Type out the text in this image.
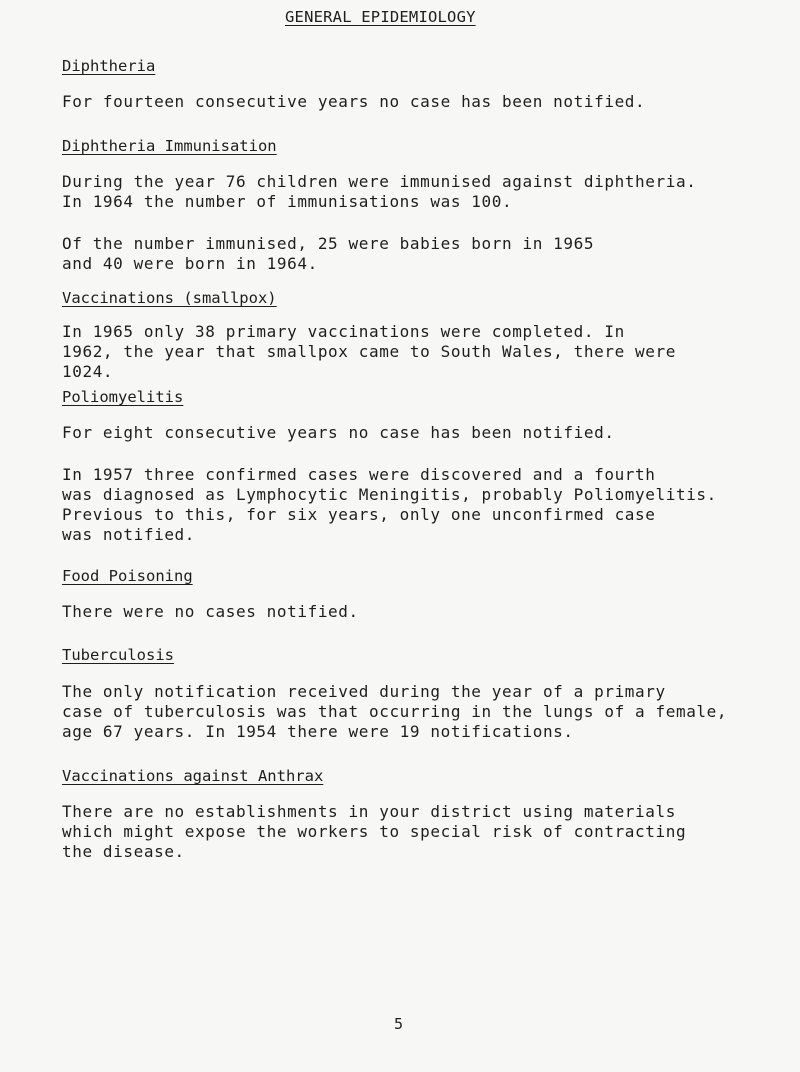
GENERAL EPIDEMIOLOGY
Diphtheria
For fourteen consecutive years no case has been notified.
Diphtheria Immunisation
During the year 76 children were immunised against diphtheria.
In 1964 the number of immunisations was 100.
Of the number immunised, 25 were babies born in 1965
and 40 were born in 1964.
Vaccinations (smallpox)
In 1965 only 38 primary vaccinations were completed. In
1962, the year that smallpox came to South Wales, there were
1024.
Poliomyelitis
For eight consecutive years no case has been notified.
In 1957 three confirmed cases were discovered and a fourth
was diagnosed as Lymphocytic Meningitis, probably Poliomyelitis.
Previous to this, for six years, only one unconfirmed case
was notified.
Food Poisoning
There were no cases notified.
Tuberculosis
The only notification received during the year of a primary
case of tuberculosis was that occurring in the lungs of a female,
age 67 years. In 1954 there were 19 notifications.
Vaccinations against Anthrax
There are no establishments in your district using materials
which might expose the workers to special risk of contracting
the disease.
5
